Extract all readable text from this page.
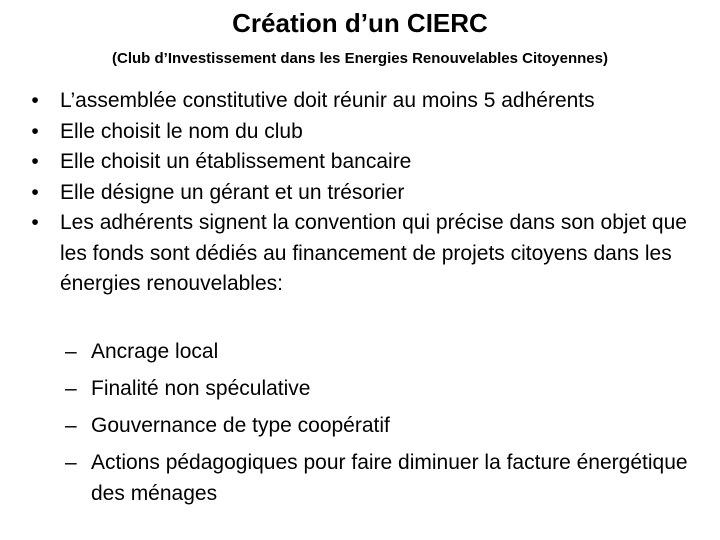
Création d’un CIERC
(Club d’Investissement dans les Energies Renouvelables Citoyennes)
• L’assemblée constitutive doit réunir au moins 5 adhérents
• Elle choisit le nom du club
• Elle choisit un établissement bancaire
• Elle désigne un gérant et un trésorier
• Les adhérents signent la convention qui précise dans son objet que les fonds sont dédiés au financement de projets citoyens dans les énergies renouvelables:
– Ancrage local
– Finalité non spéculative
– Gouvernance de type coopératif
– Actions pédagogiques pour faire diminuer la facture énergétique des ménages
